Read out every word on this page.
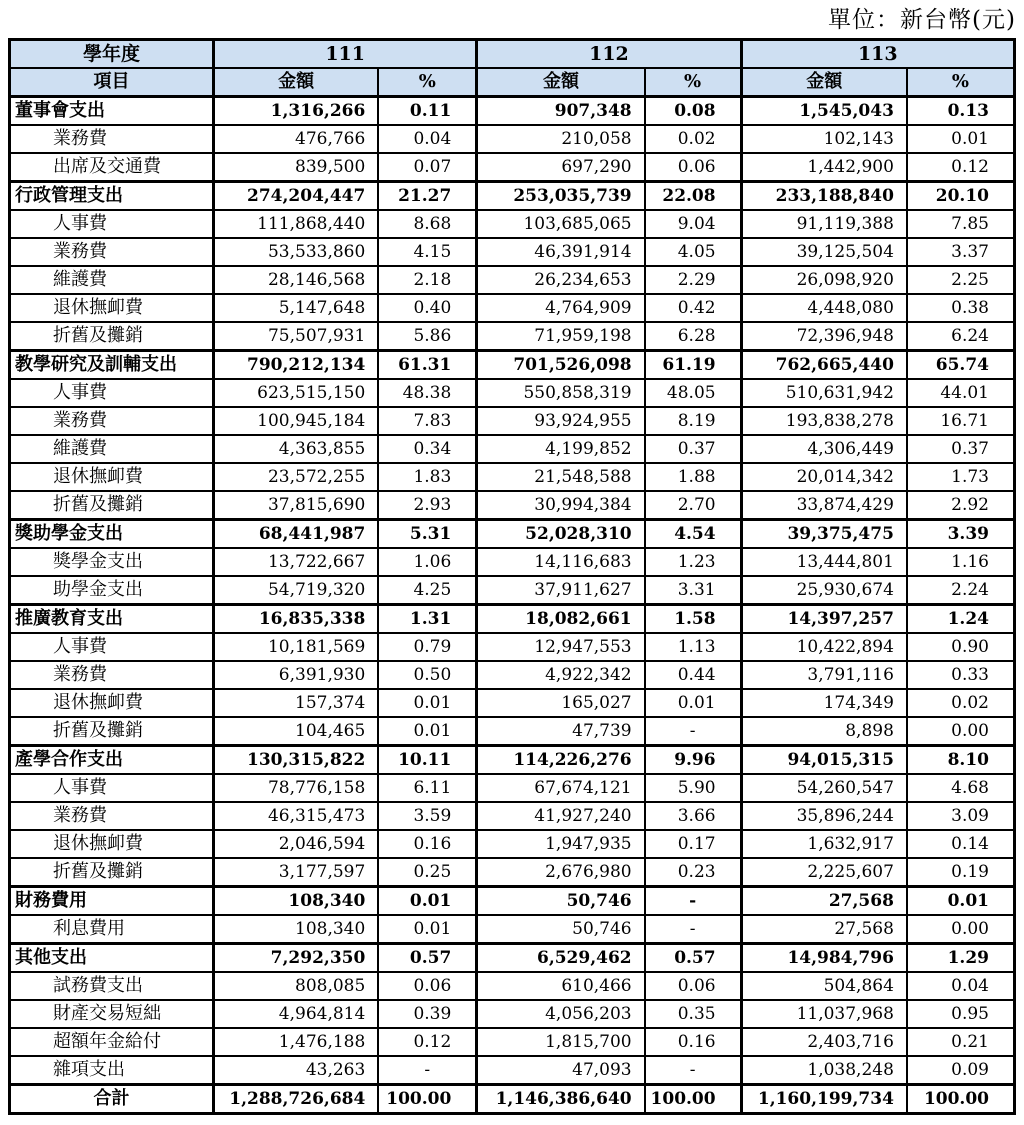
單位：新台幣(元)
學年度	111		112		113	
項目	金額	%	金額	%	金額	%
董事會支出	1,316,266	0.11	907,348	0.08	1,545,043	0.13
業務費	476,766	0.04	210,058	0.02	102,143	0.01
出席及交通費	839,500	0.07	697,290	0.06	1,442,900	0.12
行政管理支出	274,204,447	21.27	253,035,739	22.08	233,188,840	20.10
人事費	111,868,440	8.68	103,685,065	9.04	91,119,388	7.85
業務費	53,533,860	4.15	46,391,914	4.05	39,125,504	3.37
維護費	28,146,568	2.18	26,234,653	2.29	26,098,920	2.25
退休撫卹費	5,147,648	0.40	4,764,909	0.42	4,448,080	0.38
折舊及攤銷	75,507,931	5.86	71,959,198	6.28	72,396,948	6.24
教學研究及訓輔支出	790,212,134	61.31	701,526,098	61.19	762,665,440	65.74
人事費	623,515,150	48.38	550,858,319	48.05	510,631,942	44.01
業務費	100,945,184	7.83	93,924,955	8.19	193,838,278	16.71
維護費	4,363,855	0.34	4,199,852	0.37	4,306,449	0.37
退休撫卹費	23,572,255	1.83	21,548,588	1.88	20,014,342	1.73
折舊及攤銷	37,815,690	2.93	30,994,384	2.70	33,874,429	2.92
獎助學金支出	68,441,987	5.31	52,028,310	4.54	39,375,475	3.39
獎學金支出	13,722,667	1.06	14,116,683	1.23	13,444,801	1.16
助學金支出	54,719,320	4.25	37,911,627	3.31	25,930,674	2.24
推廣教育支出	16,835,338	1.31	18,082,661	1.58	14,397,257	1.24
人事費	10,181,569	0.79	12,947,553	1.13	10,422,894	0.90
業務費	6,391,930	0.50	4,922,342	0.44	3,791,116	0.33
退休撫卹費	157,374	0.01	165,027	0.01	174,349	0.02
折舊及攤銷	104,465	0.01	47,739	-	8,898	0.00
產學合作支出	130,315,822	10.11	114,226,276	9.96	94,015,315	8.10
人事費	78,776,158	6.11	67,674,121	5.90	54,260,547	4.68
業務費	46,315,473	3.59	41,927,240	3.66	35,896,244	3.09
退休撫卹費	2,046,594	0.16	1,947,935	0.17	1,632,917	0.14
折舊及攤銷	3,177,597	0.25	2,676,980	0.23	2,225,607	0.19
財務費用	108,340	0.01	50,746	-	27,568	0.01
利息費用	108,340	0.01	50,746	-	27,568	0.00
其他支出	7,292,350	0.57	6,529,462	0.57	14,984,796	1.29
試務費支出	808,085	0.06	610,466	0.06	504,864	0.04
財產交易短絀	4,964,814	0.39	4,056,203	0.35	11,037,968	0.95
超額年金給付	1,476,188	0.12	1,815,700	0.16	2,403,716	0.21
雜項支出	43,263	-	47,093	-	1,038,248	0.09
合計	1,288,726,684	100.00	1,146,386,640	100.00	1,160,199,734	100.00
